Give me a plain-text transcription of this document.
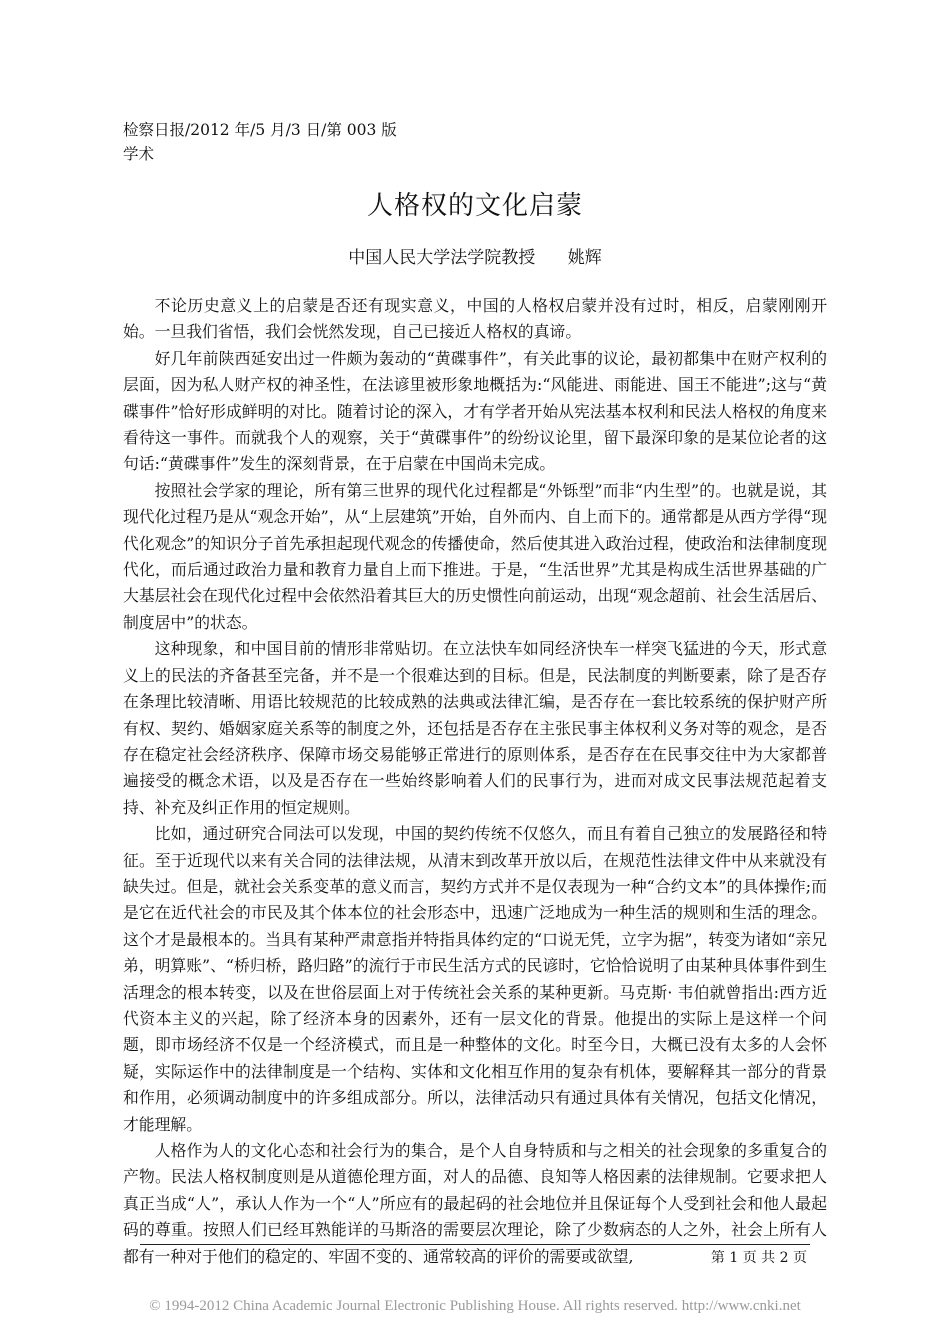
检察日报/2012 年/5 月/3 日/第 003 版
学术
人格权的文化启蒙
中国人民大学法学院教授      姚辉

不论历史意义上的启蒙是否还有现实意义，中国的人格权启蒙并没有过时，相反，启蒙刚刚开始。一旦我们省悟，我们会恍然发现，自己已接近人格权的真谛。

好几年前陕西延安出过一件颇为轰动的“黄碟事件”，有关此事的议论，最初都集中在财产权利的层面，因为私人财产权的神圣性，在法谚里被形象地概括为:“风能进、雨能进、国王不能进”;这与“黄碟事件”恰好形成鲜明的对比。随着讨论的深入，才有学者开始从宪法基本权利和民法人格权的角度来看待这一事件。而就我个人的观察，关于“黄碟事件”的纷纷议论里，留下最深印象的是某位论者的这句话:“黄碟事件”发生的深刻背景，在于启蒙在中国尚未完成。

按照社会学家的理论，所有第三世界的现代化过程都是“外铄型”而非“内生型”的。也就是说，其现代化过程乃是从“观念开始”，从“上层建筑”开始，自外而内、自上而下的。通常都是从西方学得“现代化观念”的知识分子首先承担起现代观念的传播使命，然后使其进入政治过程，使政治和法律制度现代化，而后通过政治力量和教育力量自上而下推进。于是，“生活世界”尤其是构成生活世界基础的广大基层社会在现代化过程中会依然沿着其巨大的历史惯性向前运动，出现“观念超前、社会生活居后、制度居中”的状态。

这种现象，和中国目前的情形非常贴切。在立法快车如同经济快车一样突飞猛进的今天，形式意义上的民法的齐备甚至完备，并不是一个很难达到的目标。但是，民法制度的判断要素，除了是否存在条理比较清晰、用语比较规范的比较成熟的法典或法律汇编，是否存在一套比较系统的保护财产所有权、契约、婚姻家庭关系等的制度之外，还包括是否存在主张民事主体权利义务对等的观念，是否存在稳定社会经济秩序、保障市场交易能够正常进行的原则体系，是否存在在民事交往中为大家都普遍接受的概念术语，以及是否存在一些始终影响着人们的民事行为，进而对成文民事法规范起着支持、补充及纠正作用的恒定规则。

比如，通过研究合同法可以发现，中国的契约传统不仅悠久，而且有着自己独立的发展路径和特征。至于近现代以来有关合同的法律法规，从清末到改革开放以后，在规范性法律文件中从来就没有缺失过。但是，就社会关系变革的意义而言，契约方式并不是仅表现为一种“合约文本”的具体操作;而是它在近代社会的市民及其个体本位的社会形态中，迅速广泛地成为一种生活的规则和生活的理念。这个才是最根本的。当具有某种严肃意指并特指具体约定的“口说无凭，立字为据”，转变为诸如“亲兄弟，明算账”、“桥归桥，路归路”的流行于市民生活方式的民谚时，它恰恰说明了由某种具体事件到生活理念的根本转变，以及在世俗层面上对于传统社会关系的某种更新。马克斯· 韦伯就曾指出:西方近代资本主义的兴起，除了经济本身的因素外，还有一层文化的背景。他提出的实际上是这样一个问题，即市场经济不仅是一个经济模式，而且是一种整体的文化。时至今日，大概已没有太多的人会怀疑，实际运作中的法律制度是一个结构、实体和文化相互作用的复杂有机体，要解释其一部分的背景和作用，必须调动制度中的许多组成部分。所以，法律活动只有通过具体有关情况，包括文化情况，才能理解。

人格作为人的文化心态和社会行为的集合，是个人自身特质和与之相关的社会现象的多重复合的产物。民法人格权制度则是从道德伦理方面，对人的品德、良知等人格因素的法律规制。它要求把人真正当成“人”，承认人作为一个“人”所应有的最起码的社会地位并且保证每个人受到社会和他人最起码的尊重。按照人们已经耳熟能详的马斯洛的需要层次理论，除了少数病态的人之外，社会上所有人都有一种对于他们的稳定的、牢固不变的、通常较高的评价的需要或欲望,	第 1 页 共 2 页
© 1994-2012 China Academic Journal Electronic Publishing House. All rights reserved. http://www.cnki.net
